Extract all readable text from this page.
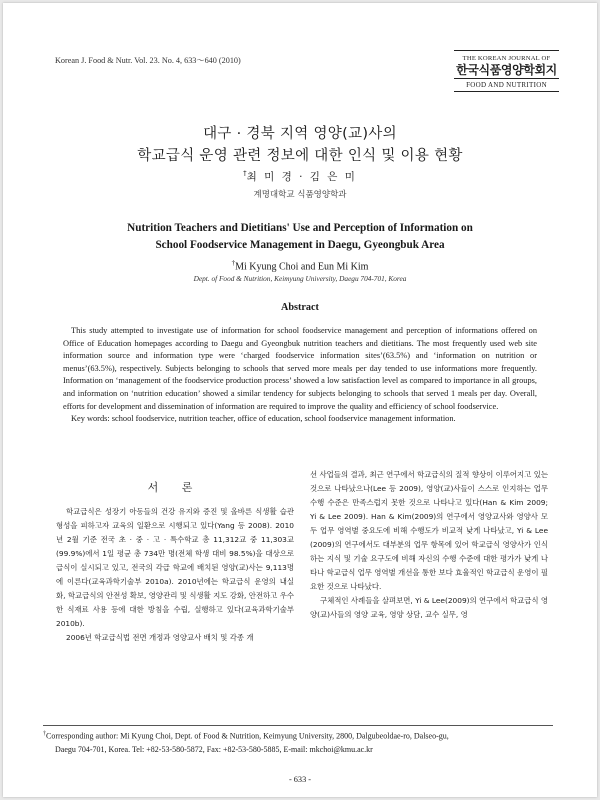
Korean J. Food & Nutr. Vol. 23. No. 4, 633～640 (2010)	THE KOREAN JOURNAL OF
한국식품영양학회지
FOOD AND NUTRITION
대구 · 경북 지역 영양(교)사의
학교급식 운영 관련 정보에 대한 인식 및 이용 현황
†최 미 경 · 김 은 미
계명대학교 식품영양학과
Nutrition Teachers and Dietitians' Use and Perception of Information on
School Foodservice Management in Daegu, Gyeongbuk Area
†Mi Kyung Choi and Eun Mi Kim
Dept. of Food & Nutrition, Keimyung University, Daegu 704-701, Korea
Abstract

This study attempted to investigate use of information for school foodservice management and perception of informations offered on Office of Education homepages according to Daegu and Gyeongbuk nutrition teachers and dietitians. The most frequently used web site information source and information type were ‘charged foodservice information sites’(63.5%) and ‘information on nutrition or menus’(63.5%), respectively. Subjects belonging to schools that served more meals per day tended to use informations more frequently. Information on ‘management of the foodservice production process’ showed a low satisfaction level as compared to importance in all groups, and information on ‘nutrition education’ showed a similar tendency for subjects belonging to schools that served 1 meals per day. Overall, efforts for development and dissemination of information are required to improve the quality and efficiency of school foodservice.

Key words: school foodservice, nutrition teacher, office of education, school foodservice management information.

서 론

학교급식은 성장기 아동들의 건강 유지와 증진 및 올바른 식생활 습관 형성을 피하고자 교육의 일환으로 시행되고 있다(Yang 등 2008). 2010년 2월 기준 전국 초 · 중 · 고 · 특수학교 총 11,312교 중 11,303교(99.9%)에서 1일 평균 총 734만 명(전체 학생 대비 98.5%)을 대상으로 급식이 실시되고 있고, 전국의 각급 학교에 배치된 영양(교)사는 9,113명에 이른다(교육과학기술부 2010a). 2010년에는 학교급식 운영의 내실화, 학교급식의 안전성 확보, 영양관리 및 식생활 지도 강화, 안전하고 우수한 식재료 사용 등에 대한 방침을 수립, 실행하고 있다(교육과학기술부 2010b).

2006년 학교급식법 전면 개정과 영양교사 배치 및 각종 개

선 사업들의 결과, 최근 연구에서 학교급식의 질적 향상이 이루어지고 있는 것으로 나타났으나(Lee 등 2009), 영양(교)사들이 스스로 인지하는 업무 수행 수준은 만족스럽지 못한 것으로 나타나고 있다(Han & Kim 2009; Yi & Lee 2009). Han & Kim(2009)의 연구에서 영양교사와 영양사 모두 업무 영역별 중요도에 비해 수행도가 비교적 낮게 나타났고, Yi & Lee (2009)의 연구에서도 대부분의 업무 항목에 있어 학교급식 영양사가 인식하는 지식 및 기술 요구도에 비해 자신의 수행 수준에 대한 평가가 낮게 나타나 학교급식 업무 영역별 개선을 통한 보다 효율적인 학교급식 운영이 필요한 것으로 나타났다.

구체적인 사례들을 살펴보면, Yi & Lee(2009)의 연구에서 학교급식 영양(교)사들의 영양 교육, 영양 상담, 교수 실무, 영

†Corresponding author: Mi Kyung Choi, Dept. of Food & Nutrition, Keimyung University, 2800, Dalgubeoldae-ro, Dalseo-gu,
Daegu 704-701, Korea. Tel: +82-53-580-5872, Fax: +82-53-580-5885, E-mail: mkchoi@kmu.ac.kr
- 633 -
